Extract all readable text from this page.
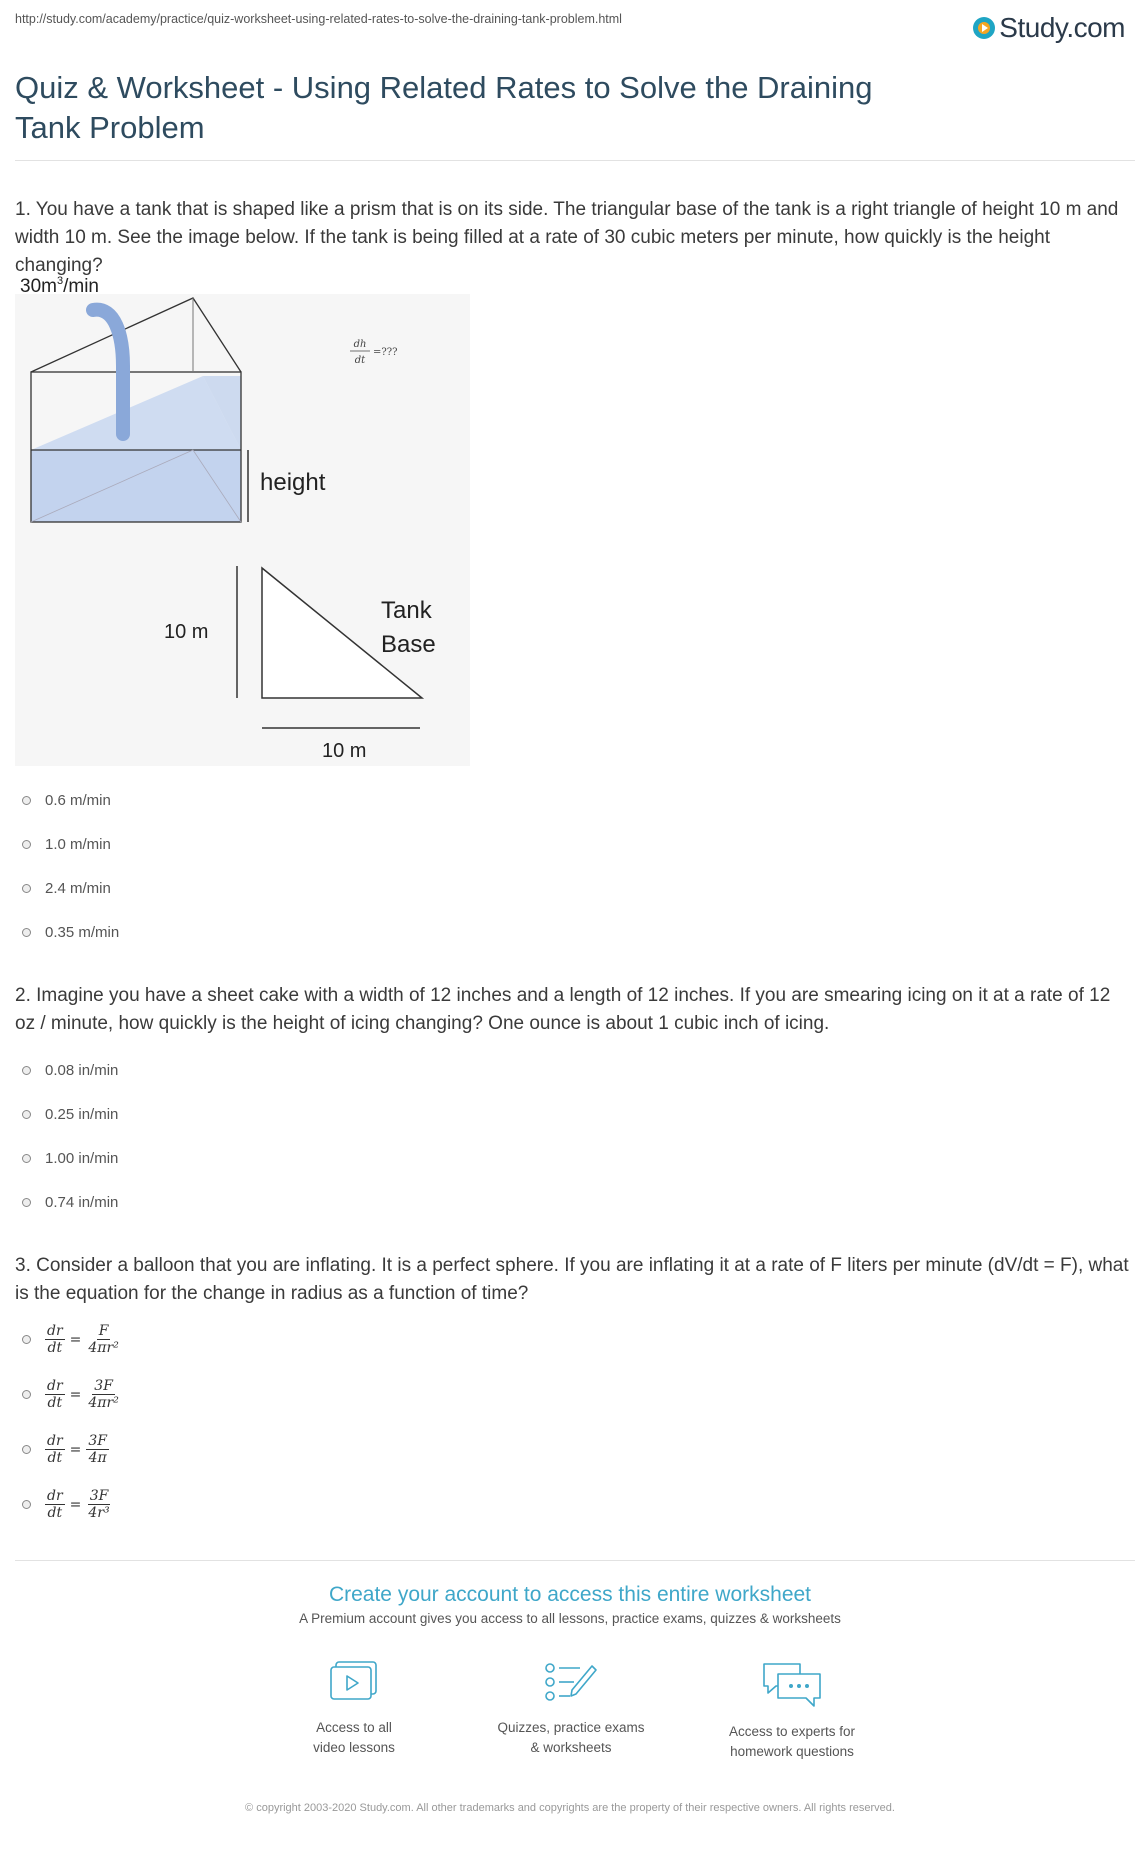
http://study.com/academy/practice/quiz-worksheet-using-related-rates-to-solve-the-draining-tank-problem.html	Study.com
Quiz & Worksheet - Using Related Rates to Solve the Draining Tank Problem
1. You have a tank that is shaped like a prism that is on its side. The triangular base of the tank is a right triangle of height 10 m and width 10 m. See the image below. If the tank is being filled at a rate of 30 cubic meters per minute, how quickly is the height changing?
$30m^3/\min$
dh
dt
=???
height
10 m
Tank
Base
10 m
0.6 m/min
1.0 m/min
2.4 m/min
0.35 m/min
2. Imagine you have a sheet cake with a width of 12 inches and a length of 12 inches. If you are smearing icing on it at a rate of 12 oz / minute, how quickly is the height of icing changing? One ounce is about 1 cubic inch of icing.
0.08 in/min
0.25 in/min
1.00 in/min
0.74 in/min
3. Consider a balloon that you are inflating. It is a perfect sphere. If you are inflating it at a rate of F liters per minute (dV/dt = F), what is the equation for the change in radius as a function of time?
$\frac{dr}{dt} = \frac{F}{\text{4πr²}}$
$\frac{dr}{dt} = \frac{3F}{\text{4πr²}}$
$\frac{dr}{dt} = \frac{3F}{4\pi}$
$\frac{dr}{dt} = \frac{3F}{\text{4r³}}$
Create your account to access this entire worksheet
A Premium account gives you access to all lessons, practice exams, quizzes & worksheets
Access to all
video lessons
Quizzes, practice exams
& worksheets
Access to experts for
homework questions
© copyright 2003-2020 Study.com. All other trademarks and copyrights are the property of their respective owners. All rights reserved.
